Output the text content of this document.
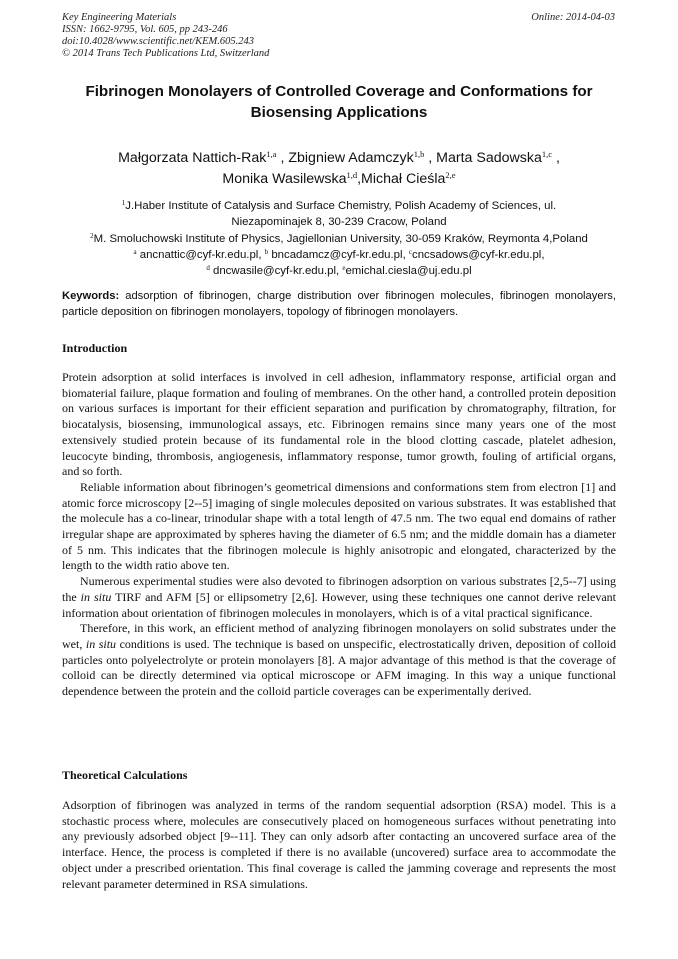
Key Engineering Materials
ISSN: 1662-9795, Vol. 605, pp 243-246
doi:10.4028/www.scientific.net/KEM.605.243
© 2014 Trans Tech Publications Ltd, Switzerland
Online: 2014-04-03
Fibrinogen Monolayers of Controlled Coverage and Conformations for
Biosensing Applications
Małgorzata Nattich-Rak$^{1,a}$ , Zbigniew Adamczyk$^{1,b}$ , Marta Sadowska$^{1,c}$ ,
Monika Wasilewska$^{1,d}$,Michał Cieśla$^{2,e}$
$^1$J.Haber Institute of Catalysis and Surface Chemistry, Polish Academy of Sciences, ul.
Niezapominajek 8, 30-239 Cracow, Poland
$^2$M. Smoluchowski Institute of Physics, Jagiellonian University, 30-059 Kraków, Reymonta 4,Poland
$^a$ ancnattic@cyf-kr.edu.pl, $^b$ bncadamcz@cyf-kr.edu.pl, $^c$cncsadows@cyf-kr.edu.pl,
$^d$ dncwasile@cyf-kr.edu.pl, $^e$emichal.ciesla@uj.edu.pl
Keywords: adsorption of fibrinogen, charge distribution over fibrinogen molecules, fibrinogen monolayers, particle deposition on fibrinogen monolayers, topology of fibrinogen monolayers.
Introduction

Protein adsorption at solid interfaces is involved in cell adhesion, inflammatory response, artificial organ and biomaterial failure, plaque formation and fouling of membranes. On the other hand, a controlled protein deposition on various surfaces is important for their efficient separation and purification by chromatography, filtration, for biocatalysis, biosensing, immunological assays, etc. Fibrinogen remains since many years one of the most extensively studied protein because of its fundamental role in the blood clotting cascade, platelet adhesion, leucocyte binding, thrombosis, angiogenesis, inflammatory response, tumor growth, fouling of artificial organs, and so forth.

Reliable information about fibrinogen’s geometrical dimensions and conformations stem from electron [1] and atomic force microscopy [2--5] imaging of single molecules deposited on various substrates. It was established that the molecule has a co-linear, trinodular shape with a total length of 47.5 nm. The two equal end domains of rather irregular shape are approximated by spheres having the diameter of 6.5 nm; and the middle domain has a diameter of 5 nm. This indicates that the fibrinogen molecule is highly anisotropic and elongated, characterized by the length to the width ratio above ten.

Numerous experimental studies were also devoted to fibrinogen adsorption on various substrates [2,5--7] using the in situ TIRF and AFM [5] or ellipsometry [2,6]. However, using these techniques one cannot derive relevant information about orientation of fibrinogen molecules in monolayers, which is of a vital practical significance.

Therefore, in this work, an efficient method of analyzing fibrinogen monolayers on solid substrates under the wet, in situ conditions is used. The technique is based on unspecific, electrostatically driven, deposition of colloid particles onto polyelectrolyte or protein monolayers [8]. A major advantage of this method is that the coverage of colloid can be directly determined via optical microscope or AFM imaging. In this way a unique functional dependence between the protein and the colloid particle coverages can be experimentally derived.

Theoretical Calculations

Adsorption of fibrinogen was analyzed in terms of the random sequential adsorption (RSA) model. This is a stochastic process where, molecules are consecutively placed on homogeneous surfaces without penetrating into any previously adsorbed object [9--11]. They can only adsorb after contacting an uncovered surface area of the interface. Hence, the process is completed if there is no available (uncovered) surface area to accommodate the object under a prescribed orientation. This final coverage is called the jamming coverage and represents the most relevant parameter determined in RSA simulations.
